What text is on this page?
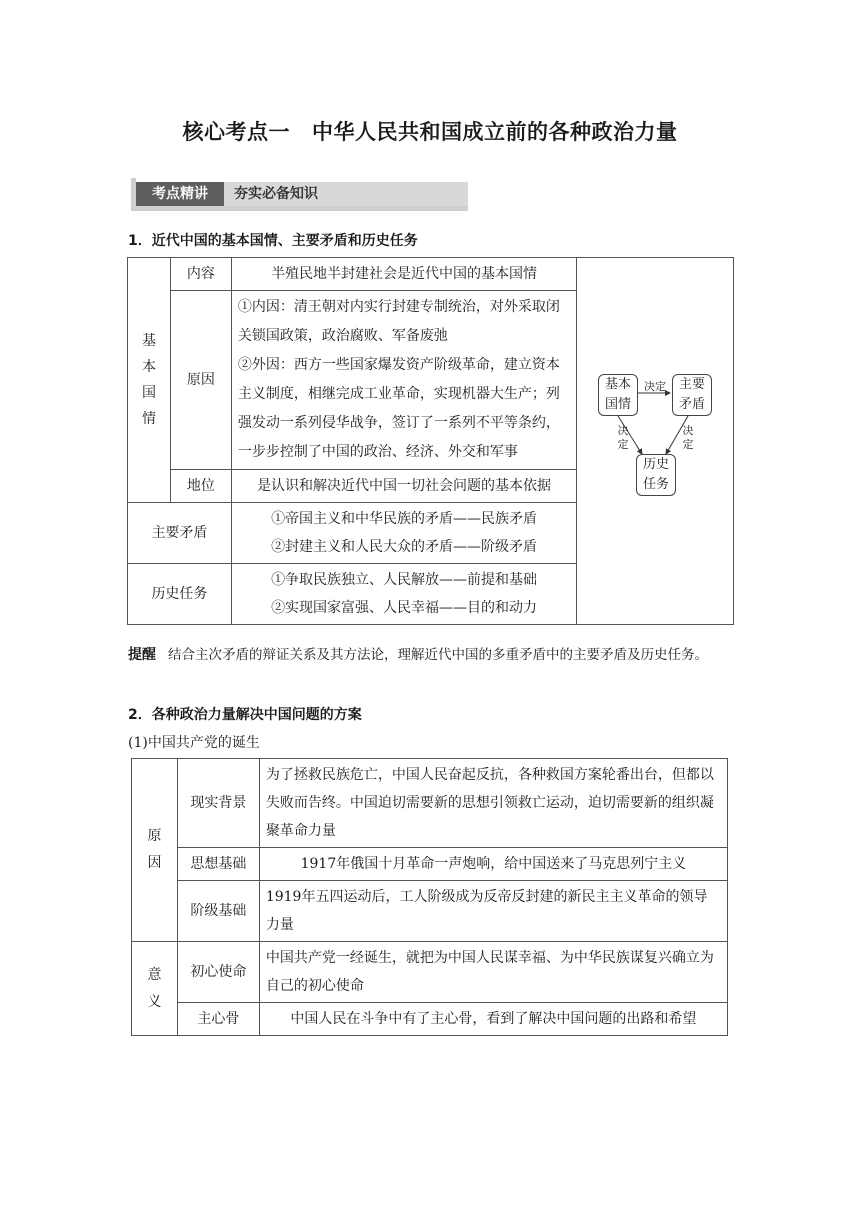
核心考点一 中华人民共和国成立前的各种政治力量
考点精讲	夯实必备知识
1．近代中国的基本国情、主要矛盾和历史任务
基本国情	内容	半殖民地半封建社会是近代中国的基本国情	
	原因	①内因：清王朝对内实行封建专制统治，对外采取闭关锁国政策，政治腐败、军备废弛
②外因：西方一些国家爆发资产阶级革命，建立资本主义制度，相继完成工业革命，实现机器大生产；列强发动一系列侵华战争，签订了一系列不平等条约，一步步控制了中国的政治、经济、外交和军事	

	地位	是认识和解决近代中国一切社会问题的基本依据	
主要矛盾		①帝国主义和中华民族的矛盾——民族矛盾
②封建主义和人民大众的矛盾——阶级矛盾	

历史任务		①争取民族独立、人民解放——前提和基础
②实现国家富强、人民幸福——目的和动力	
基本国情
主要矛盾
历史任务
决定
决定
决定
提醒 结合主次矛盾的辩证关系及其方法论，理解近代中国的多重矛盾中的主要矛盾及历史任务。
2．各种政治力量解决中国问题的方案
(1)中国共产党的诞生
原因	现实背景	为了拯救民族危亡，中国人民奋起反抗，各种救国方案轮番出台，但都以失败而告终。中国迫切需要新的思想引领救亡运动，迫切需要新的组织凝聚革命力量
	思想基础	1917年俄国十月革命一声炮响，给中国送来了马克思列宁主义
	阶级基础	1919年五四运动后，工人阶级成为反帝反封建的新民主主义革命的领导力量

意义	初心使命	中国共产党一经诞生，就把为中国人民谋幸福、为中华民族谋复兴确立为自己的初心使命
	主心骨	中国人民在斗争中有了主心骨，看到了解决中国问题的出路和希望
